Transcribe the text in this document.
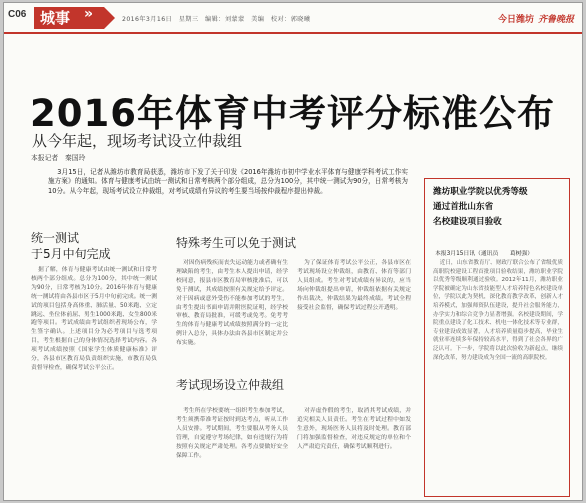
C06 城事 »	2016年3月16日　星期三　编辑：刘蒙蒙　美编　校对：郭晓曦	今日潍坊 齐鲁晚报
2016年体育中考评分标准公布
从今年起，现场考试设立仲裁组
本报记者　秦国玲

3月15日，记者从潍坊市教育局获悉，潍坊市下发了关于印发《2016年潍坊市初中学业水平体育与健康学科考试工作实施方案》的通知。体育与健康考试由统一测试和日常考核两个部分组成，总分为100分，其中统一测试为90分，日常考核为10分。从今年起，现场考试设立仲裁组，对考试成绩有异议的考生要当场按仲裁程序提出仲裁。

统一测试
于5月中旬完成

据了解，体育与健康考试由统一测试和日常考核两个部分组成。总分为100分，其中统一测试为90分，日常考核为10分。2016年体育与健康统一测试将由各县市区于5月中旬前完成。统一测试的项目包括身高体重、肺活量、50米跑、立定跳远、坐位体前屈、男生1000米跑、女生800米跑等项目。考试成绩由考试组织者现场公布，学生签字确认。上述项目分为必考项目与选考项目，考生根据自己的身体情况选择考试内容。各项考试成绩按照《国家学生体质健康标准》评分，各县市区教育局负责组织实施，市教育局负责督导检查，确保考试公平公正。

特殊考生可以免于测试

对因伤病残疾而丧失运动能力或者确有生理缺陷的考生，由考生本人提出申请，经学校同意，报县市区教育局审核批准后，可以免于测试，其成绩按照有关规定给予评定。对于因病或意外受伤不能参加考试的考生，由考生提出书面申请并附医院证明，经学校审核、教育局批准，可缓考或免考。免考考生的体育与健康考试成绩按照满分的一定比例计入总分，具体办法由各县市区制定并公布实施。

考试现场设立仲裁组

考生所在学校要统一组织考生参加考试，考生须携带准考证按时到达考点，听从工作人员安排。考试期间，考生要服从考务人员管理，自觉遵守考场纪律，如有违规行为将按照有关规定严肃处理。各考点要做好安全保障工作。

为了保证体育考试公平公正，各县市区在考试现场设立仲裁组，由教育、体育等部门人员组成。考生对考试成绩有异议的，应当场向仲裁组提出申请，仲裁组依据有关规定作出裁决，仲裁结果为最终成绩。考试全程接受社会监督，确保考试过程公开透明。

对弄虚作假的考生，取消其考试成绩，并追究相关人员责任。考生在考试过程中如发生意外，现场医务人员将及时处理。教育部门将加强监督检查，对违反规定的单位和个人严肃追究责任，确保考试顺利进行。

潍坊职业学院以优秀等级
通过首批山东省
名校建设项目验收
本报3月15日讯（通讯员　　葛树强）

近日，山东省教育厅、财政厅联合公布了省级优质高职院校建设工程首批项目验收结果，潍坊职业学院以优秀等级顺利通过验收。2012年11月，潍坊职业学院被确定为山东省技能型人才培养特色名校建设单位，学院以此为契机，深化教育教学改革，创新人才培养模式，加强师资队伍建设，提升社会服务能力，办学实力和综合竞争力显著增强。名校建设期间，学院重点建设了化工技术、机电一体化技术等专业群，专业建设成效显著，人才培养质量稳步提高，毕业生就业率连续多年保持较高水平，得到了社会各界的广泛认可。下一步，学院将以此次验收为新起点，继续深化改革，努力建设成为全国一流的高职院校。
